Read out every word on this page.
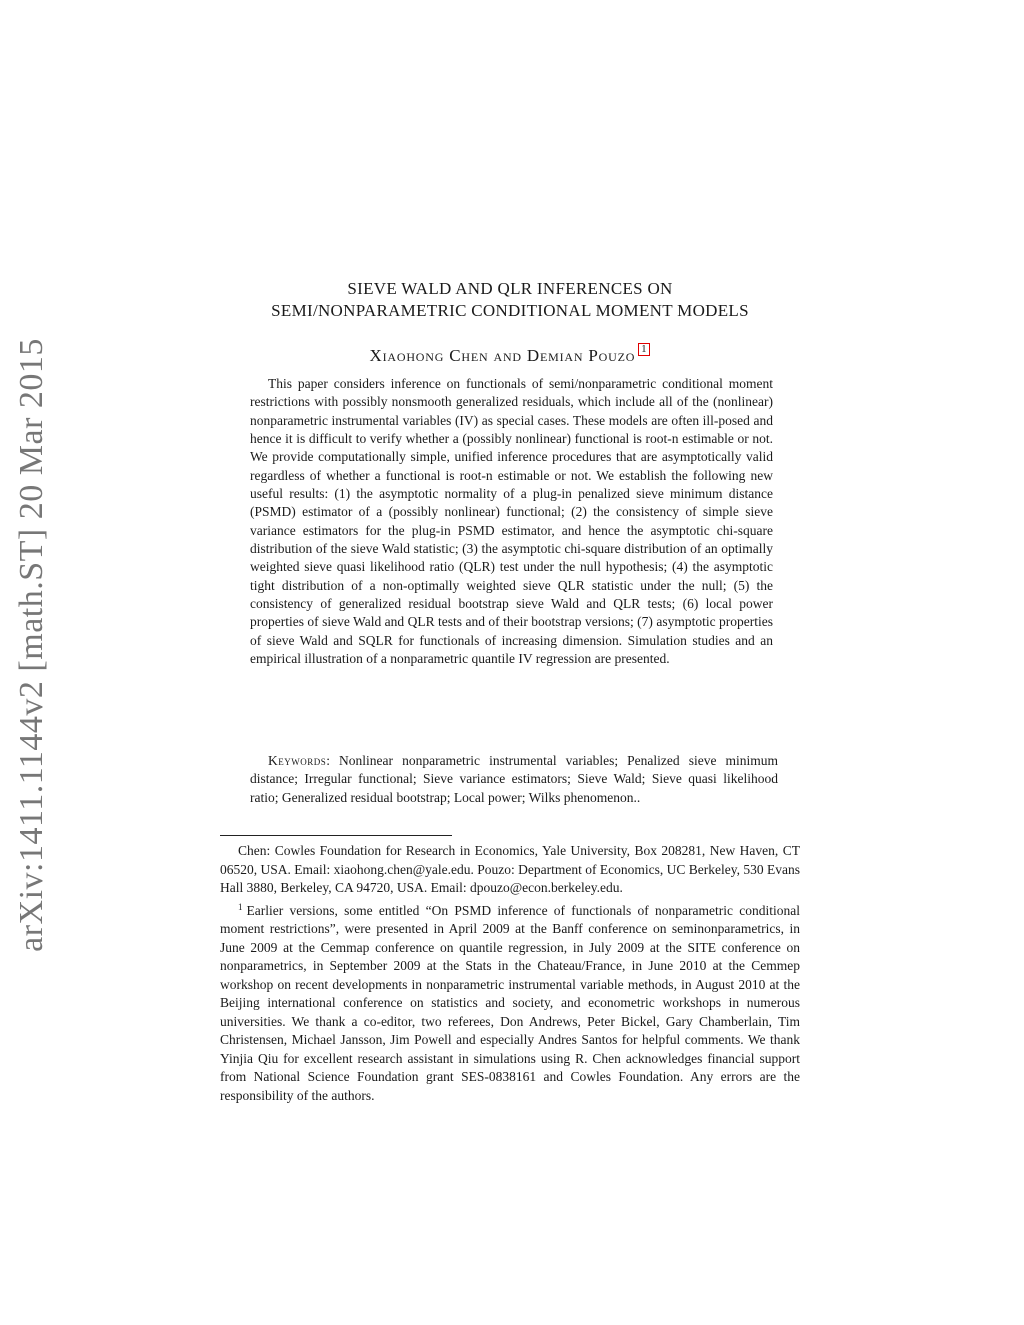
arXiv:1411.1144v2 [math.ST] 20 Mar 2015
SIEVE WALD AND QLR INFERENCES ON
SEMI/NONPARAMETRIC CONDITIONAL MOMENT MODELS
Xiaohong Chen and Demian Pouzo 1

This paper considers inference on functionals of semi/nonparametric conditional moment restrictions with possibly nonsmooth generalized residuals, which include all of the (nonlinear) nonparametric instrumental variables (IV) as special cases. These models are often ill-posed and hence it is difficult to verify whether a (possibly nonlinear) functional is root-n estimable or not. We provide computationally simple, unified inference procedures that are asymptotically valid regardless of whether a functional is root-n estimable or not. We establish the following new useful results: (1) the asymptotic normality of a plug-in penalized sieve minimum distance (PSMD) estimator of a (possibly nonlinear) functional; (2) the consistency of simple sieve variance estimators for the plug-in PSMD estimator, and hence the asymptotic chi-square distribution of the sieve Wald statistic; (3) the asymptotic chi-square distribution of an optimally weighted sieve quasi likelihood ratio (QLR) test under the null hypothesis; (4) the asymptotic tight distribution of a non-optimally weighted sieve QLR statistic under the null; (5) the consistency of generalized residual bootstrap sieve Wald and QLR tests; (6) local power properties of sieve Wald and QLR tests and of their bootstrap versions; (7) asymptotic properties of sieve Wald and SQLR for functionals of increasing dimension. Simulation studies and an empirical illustration of a nonparametric quantile IV regression are presented.

Keywords: Nonlinear nonparametric instrumental variables; Penalized sieve minimum distance; Irregular functional; Sieve variance estimators; Sieve Wald; Sieve quasi likelihood ratio; Generalized residual bootstrap; Local power; Wilks phenomenon..

Chen: Cowles Foundation for Research in Economics, Yale University, Box 208281, New Haven, CT 06520, USA. Email: xiaohong.chen@yale.edu. Pouzo: Department of Economics, UC Berkeley, 530 Evans Hall 3880, Berkeley, CA 94720, USA. Email: dpouzo@econ.berkeley.edu.

$^1$ Earlier versions, some entitled “On PSMD inference of functionals of nonparametric conditional moment restrictions”, were presented in April 2009 at the Banff conference on seminonparametrics, in June 2009 at the Cemmap conference on quantile regression, in July 2009 at the SITE conference on nonparametrics, in September 2009 at the Stats in the Chateau/France, in June 2010 at the Cemmep workshop on recent developments in nonparametric instrumental variable methods, in August 2010 at the Beijing international conference on statistics and society, and econometric workshops in numerous universities. We thank a co-editor, two referees, Don Andrews, Peter Bickel, Gary Chamberlain, Tim Christensen, Michael Jansson, Jim Powell and especially Andres Santos for helpful comments. We thank Yinjia Qiu for excellent research assistant in simulations using R. Chen acknowledges financial support from National Science Foundation grant SES-0838161 and Cowles Foundation. Any errors are the responsibility of the authors.
